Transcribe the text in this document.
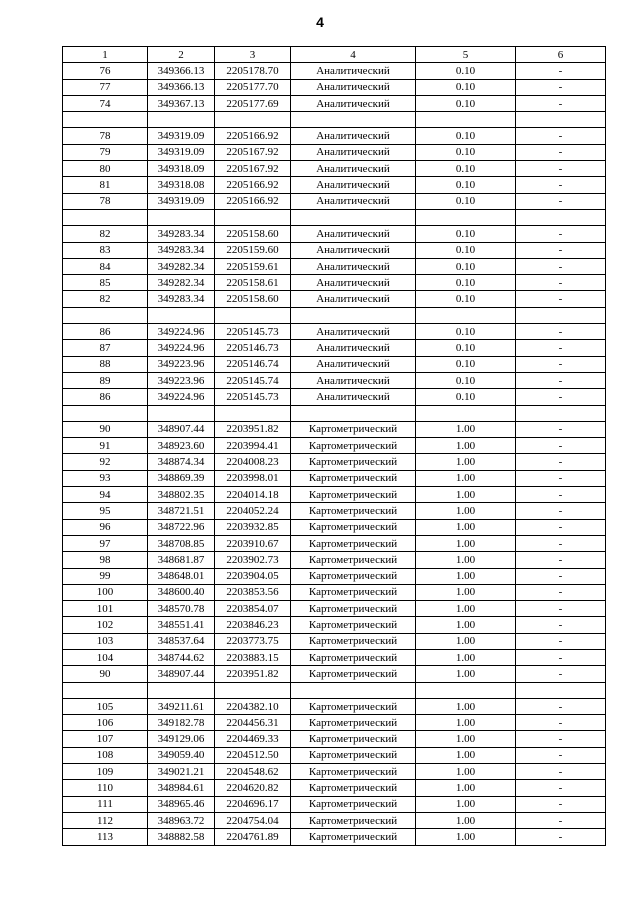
4
1	2	3	4	5	6
76	349366.13	2205178.70	Аналитический	0.10	-
77	349366.13	2205177.70	Аналитический	0.10	-
74	349367.13	2205177.69	Аналитический	0.10	-

78	349319.09	2205166.92	Аналитический	0.10	-
79	349319.09	2205167.92	Аналитический	0.10	-
80	349318.09	2205167.92	Аналитический	0.10	-
81	349318.08	2205166.92	Аналитический	0.10	-
78	349319.09	2205166.92	Аналитический	0.10	-

82	349283.34	2205158.60	Аналитический	0.10	-
83	349283.34	2205159.60	Аналитический	0.10	-
84	349282.34	2205159.61	Аналитический	0.10	-
85	349282.34	2205158.61	Аналитический	0.10	-
82	349283.34	2205158.60	Аналитический	0.10	-

86	349224.96	2205145.73	Аналитический	0.10	-
87	349224.96	2205146.73	Аналитический	0.10	-
88	349223.96	2205146.74	Аналитический	0.10	-
89	349223.96	2205145.74	Аналитический	0.10	-
86	349224.96	2205145.73	Аналитический	0.10	-

90	348907.44	2203951.82	Картометрический	1.00	-
91	348923.60	2203994.41	Картометрический	1.00	-
92	348874.34	2204008.23	Картометрический	1.00	-
93	348869.39	2203998.01	Картометрический	1.00	-
94	348802.35	2204014.18	Картометрический	1.00	-
95	348721.51	2204052.24	Картометрический	1.00	-
96	348722.96	2203932.85	Картометрический	1.00	-
97	348708.85	2203910.67	Картометрический	1.00	-
98	348681.87	2203902.73	Картометрический	1.00	-
99	348648.01	2203904.05	Картометрический	1.00	-
100	348600.40	2203853.56	Картометрический	1.00	-
101	348570.78	2203854.07	Картометрический	1.00	-
102	348551.41	2203846.23	Картометрический	1.00	-
103	348537.64	2203773.75	Картометрический	1.00	-
104	348744.62	2203883.15	Картометрический	1.00	-
90	348907.44	2203951.82	Картометрический	1.00	-

105	349211.61	2204382.10	Картометрический	1.00	-
106	349182.78	2204456.31	Картометрический	1.00	-
107	349129.06	2204469.33	Картометрический	1.00	-
108	349059.40	2204512.50	Картометрический	1.00	-
109	349021.21	2204548.62	Картометрический	1.00	-
110	348984.61	2204620.82	Картометрический	1.00	-
111	348965.46	2204696.17	Картометрический	1.00	-
112	348963.72	2204754.04	Картометрический	1.00	-
113	348882.58	2204761.89	Картометрический	1.00	-
